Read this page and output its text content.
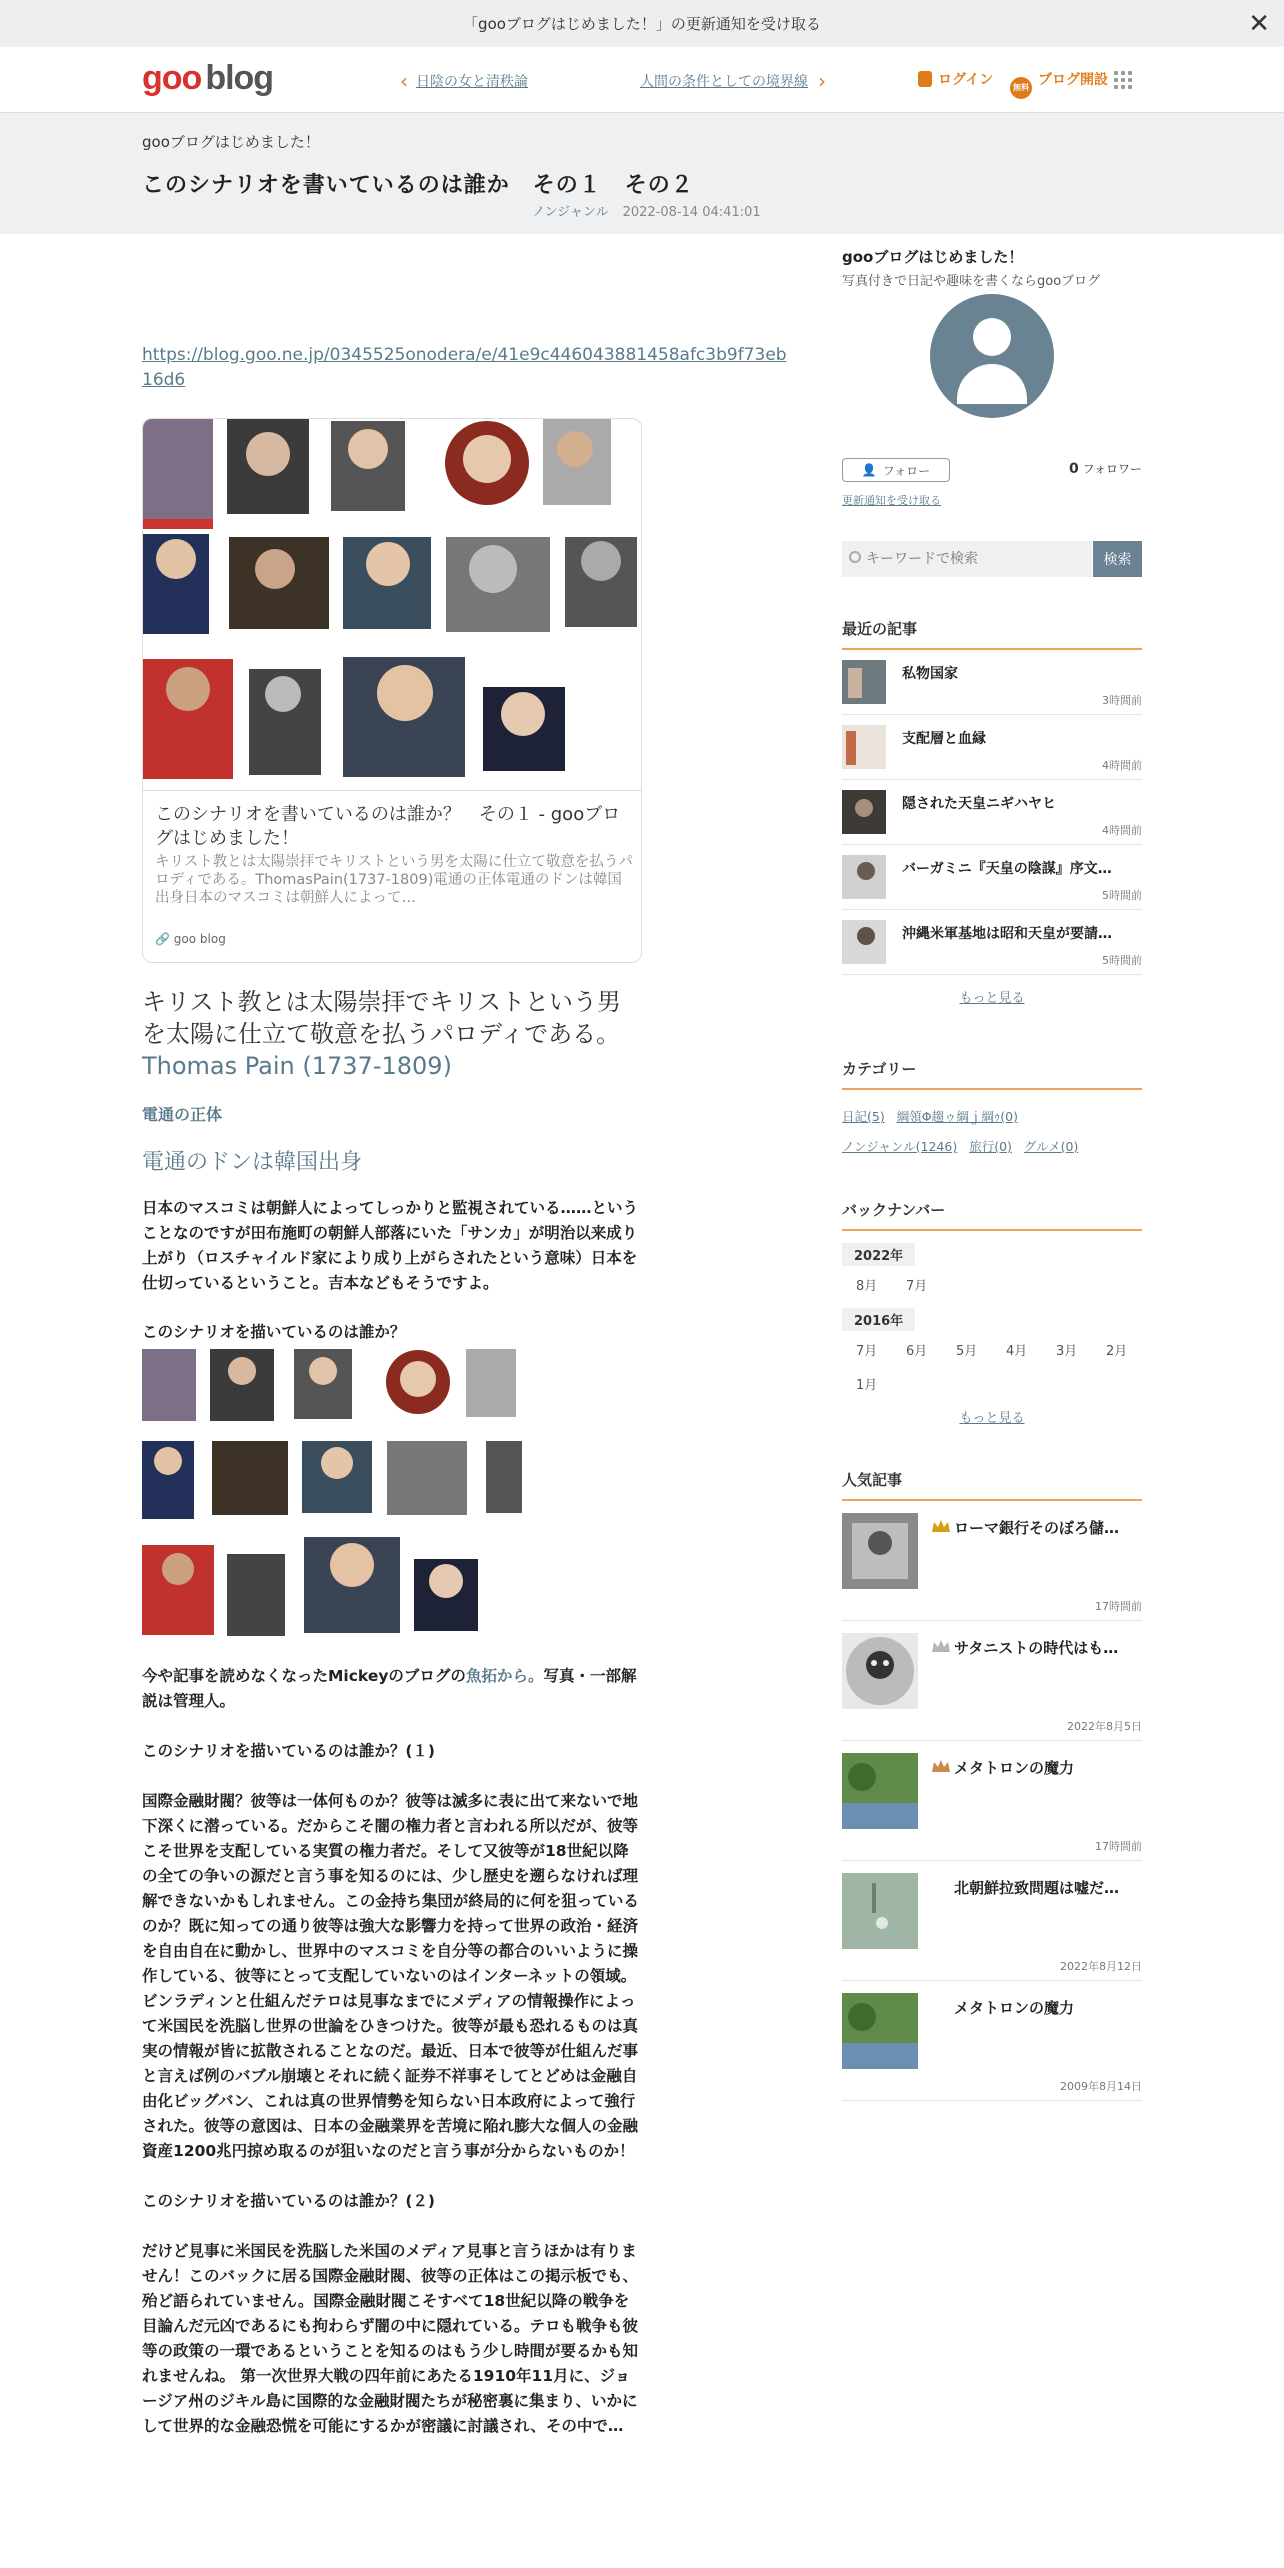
「gooブログはじめました！」の更新通知を受け取る	✕
goo blog	‹ 日陰の女と清秩論	人間の条件としての境界線 ›	ログイン	無料 ブログ開設
gooブログはじめました！
このシナリオを書いているのは誰か　その１　その２
ノンジャンル 2022-08-14 04:41:01
https://blog.goo.ne.jp/0345525onodera/e/41e9c446043881458afc3b9f73eb16d6
このシナリオを書いているのは誰か？　その１ - gooブログはじめました！
キリスト教とは太陽崇拝でキリストという男を太陽に仕立て敬意を払うパロディである。ThomasPain(1737-1809)電通の正体電通のドンは韓国出身日本のマスコミは朝鮮人によって…
🔗 goo blog
キリスト教とは太陽崇拝でキリストという男を太陽に仕立て敬意を払うパロディである。Thomas Pain (1737-1809)
電通の正体
電通のドンは韓国出身

日本のマスコミは朝鮮人によってしっかりと監視されている……ということなのですが田布施町の朝鮮人部落にいた「サンカ」が明治以来成り上がり（ロスチャイルド家により成り上がらされたという意味）日本を仕切っているということ。吉本などもそうですよ。

このシナリオを描いているのは誰か？

今や記事を読めなくなったMickeyのブログの魚拓から。写真・一部解説は管理人。

このシナリオを描いているのは誰か？(１)

国際金融財閥？彼等は一体何ものか？彼等は滅多に表に出て来ないで地下深くに潜っている。だからこそ闇の権力者と言われる所以だが、彼等こそ世界を支配している実質の権力者だ。そして又彼等が18世紀以降の全ての争いの源だと言う事を知るのには、少し歴史を遡らなければ理解できないかもしれません。この金持ち集団が終局的に何を狙っているのか？既に知っての通り彼等は強大な影響力を持って世界の政治・経済を自由自在に動かし、世界中のマスコミを自分等の都合のいいように操作している、彼等にとって支配していないのはインターネットの領域。ビンラディンと仕組んだテロは見事なまでにメディアの情報操作によって米国民を洗脳し世界の世論をひきつけた。彼等が最も恐れるものは真実の情報が皆に拡散されることなのだ。最近、日本で彼等が仕組んだ事と言えば例のバブル崩壊とそれに続く証券不祥事そしてとどめは金融自由化ビッグバン、これは真の世界情勢を知らない日本政府によって強行された。彼等の意図は、日本の金融業界を苦境に陥れ膨大な個人の金融資産1200兆円掠め取るのが狙いなのだと言う事が分からないものか！

このシナリオを描いているのは誰か？(２)

だけど見事に米国民を洗脳した米国のメディア見事と言うほかは有りません！このバックに居る国際金融財閥、彼等の正体はこの掲示板でも、殆ど語られていません。国際金融財閥こそすべて18世紀以降の戦争を目論んだ元凶であるにも拘わらず闇の中に隠れている。テロも戦争も彼等の政策の一環であるということを知るのはもう少し時間が要るかも知れませんね。 第一次世界大戦の四年前にあたる1910年11月に、ジョージア州のジキル島に国際的な金融財閥たちが秘密裏に集まり、いかにして世界的な金融恐慌を可能にするかが密議に討議され、その中で…

gooブログはじめました！
写真付きで日記や趣味を書くならgooブログ
👤 フォロー	0 フォロワー
更新通知を受け取る
キーワードで検索
検索
最近の記事
私物国家
3時間前
支配層と血縁
4時間前
隠された天皇ニギハヤヒ
4時間前
バーガミニ『天皇の陰謀』序文…
5時間前
沖縄米軍基地は昭和天皇が要請…
5時間前
もっと見る
カテゴリー
日記(5) 綱領Φ趨ゥ綱ｊ綱ｩ(0)
ノンジャンル(1246) 旅行(0) グルメ(0)
バックナンバー
2022年
8月 7月
2016年
7月 6月 5月 4月 3月 2月1月
もっと見る
人気記事
ローマ銀行そのぼろ儲…
17時間前
サタニストの時代はも…
2022年8月5日
メタトロンの魔力
17時間前
北朝鮮拉致問題は嘘だ…
2022年8月12日
メタトロンの魔力
2009年8月14日
